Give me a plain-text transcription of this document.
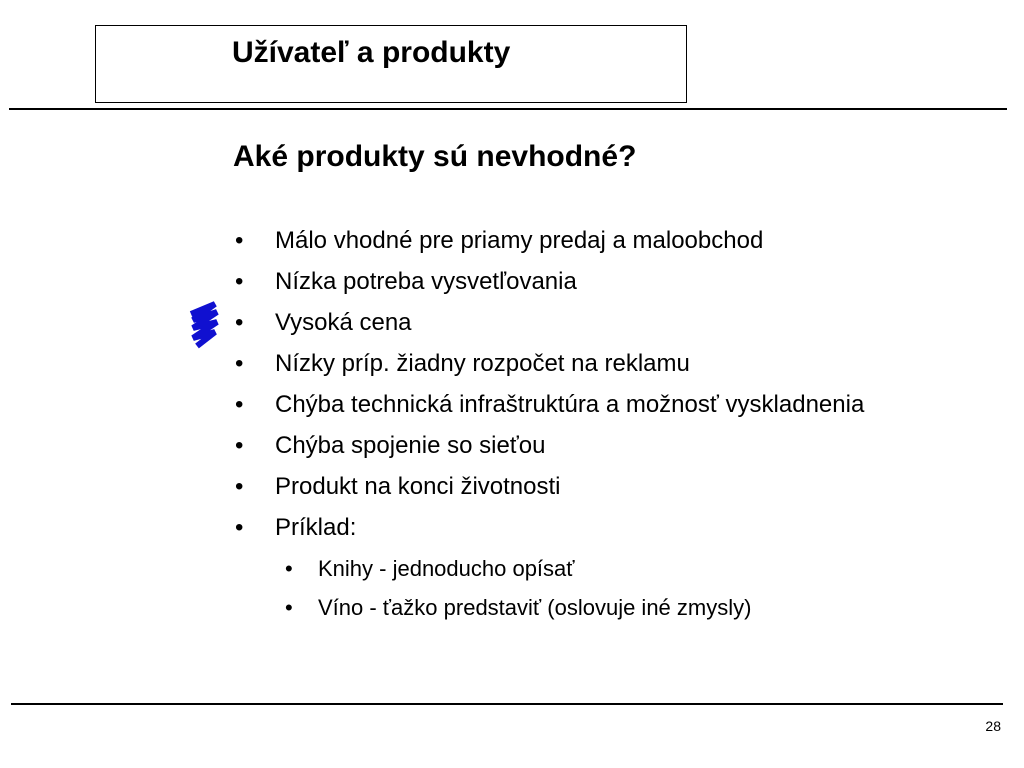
Užívateľ a produkty
Aké produkty sú nevhodné?
• Málo vhodné pre priamy predaj a maloobchod
• Nízka potreba vysvetľovania
• Vysoká cena
• Nízky príp. žiadny rozpočet na reklamu
• Chýba technická infraštruktúra a možnosť vyskladnenia
• Chýba spojenie so sieťou
• Produkt na konci životnosti
• Príklad:
• Knihy - jednoducho opísať
• Víno - ťažko predstaviť (oslovuje iné zmysly)
28
